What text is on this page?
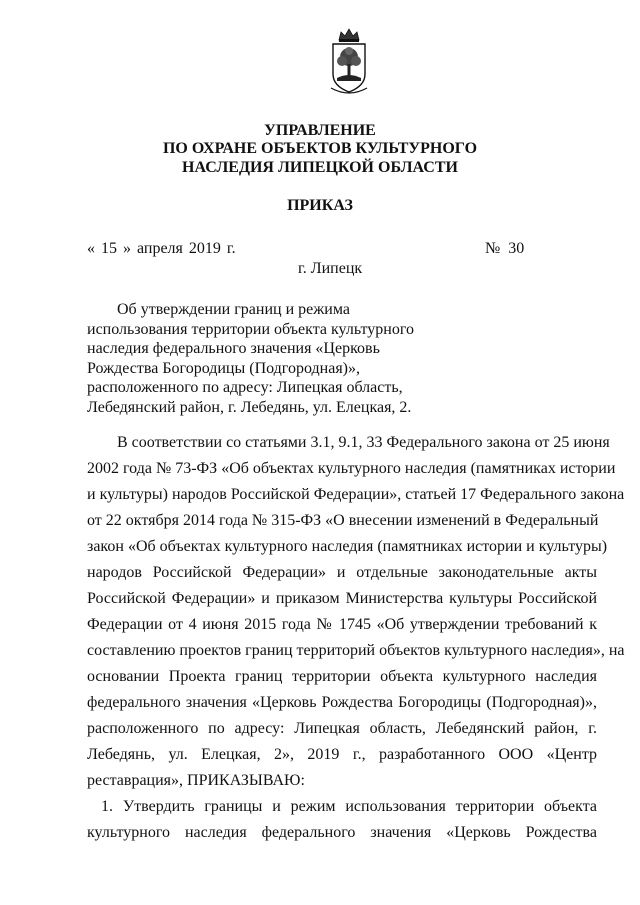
УПРАВЛЕНИЕ
ПО ОХРАНЕ ОБЪЕКТОВ КУЛЬТУРНОГО
НАСЛЕДИЯ ЛИПЕЦКОЙ ОБЛАСТИ
ПРИКАЗ
« 15 » апреля 2019 г.	№ 30
г. Липецк
Об утверждении границ и режима
использования территории объекта культурного
наследия федерального значения «Церковь
Рождества Богородицы (Подгородная)»,
расположенного по адресу: Липецкая область,
Лебедянский район, г. Лебедянь, ул. Елецкая, 2.
В соответствии со статьями 3.1, 9.1, 33 Федерального закона от 25 июня
2002 года № 73-ФЗ «Об объектах культурного наследия (памятниках истории
и культуры) народов Российской Федерации», статьей 17 Федерального закона
от 22 октября 2014 года № 315-ФЗ «О внесении изменений в Федеральный
закон «Об объектах культурного наследия (памятниках истории и культуры)
народов Российской Федерации» и отдельные законодательные акты
Российской Федерации» и приказом Министерства культуры Российской
Федерации от 4 июня 2015 года № 1745 «Об утверждении требований к
составлению проектов границ территорий объектов культурного наследия», на
основании Проекта границ территории объекта культурного наследия
федерального значения «Церковь Рождества Богородицы (Подгородная)»,
расположенного по адресу: Липецкая область, Лебедянский район, г.
Лебедянь, ул. Елецкая, 2», 2019 г., разработанного ООО «Центр
реставрация», ПРИКАЗЫВАЮ:
1. Утвердить границы и режим использования территории объекта
культурного наследия федерального значения «Церковь Рождества
